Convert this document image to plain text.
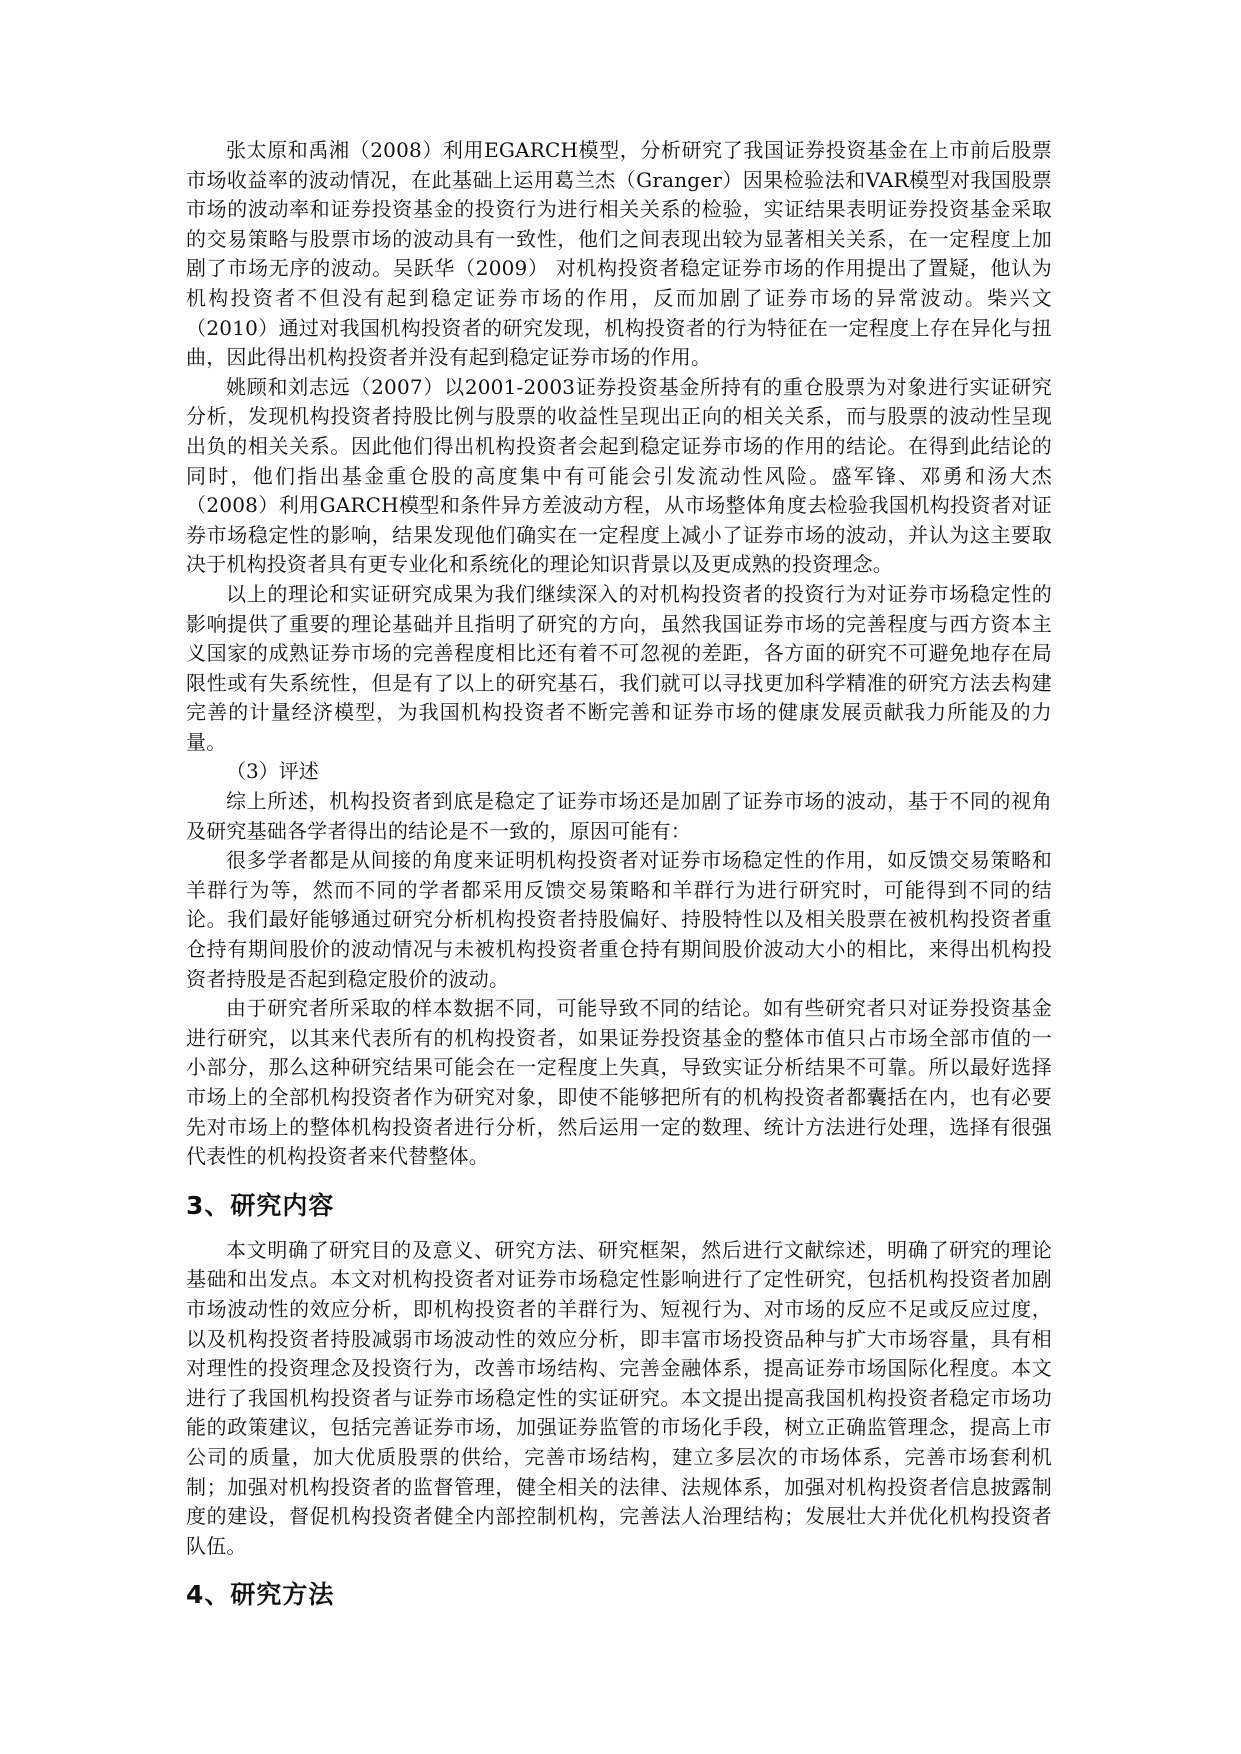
张太原和禹湘（2008）利用EGARCH模型，分析研究了我国证券投资基金在上市前后股票市场收益率的波动情况，在此基础上运用葛兰杰（Granger）因果检验法和VAR模型对我国股票市场的波动率和证券投资基金的投资行为进行相关关系的检验，实证结果表明证券投资基金采取的交易策略与股票市场的波动具有一致性，他们之间表现出较为显著相关关系，在一定程度上加剧了市场无序的波动。吴跃华（2009） 对机构投资者稳定证券市场的作用提出了置疑，他认为机构投资者不但没有起到稳定证券市场的作用，反而加剧了证券市场的异常波动。柴兴文（2010）通过对我国机构投资者的研究发现，机构投资者的行为特征在一定程度上存在异化与扭曲，因此得出机构投资者并没有起到稳定证券市场的作用。

姚顾和刘志远（2007）以2001-2003证券投资基金所持有的重仓股票为对象进行实证研究分析，发现机构投资者持股比例与股票的收益性呈现出正向的相关关系，而与股票的波动性呈现出负的相关关系。因此他们得出机构投资者会起到稳定证券市场的作用的结论。在得到此结论的同时，他们指出基金重仓股的高度集中有可能会引发流动性风险。盛军锋、邓勇和汤大杰（2008）利用GARCH模型和条件异方差波动方程，从市场整体角度去检验我国机构投资者对证券市场稳定性的影响，结果发现他们确实在一定程度上减小了证券市场的波动，并认为这主要取决于机构投资者具有更专业化和系统化的理论知识背景以及更成熟的投资理念。

以上的理论和实证研究成果为我们继续深入的对机构投资者的投资行为对证券市场稳定性的影响提供了重要的理论基础并且指明了研究的方向，虽然我国证券市场的完善程度与西方资本主义国家的成熟证券市场的完善程度相比还有着不可忽视的差距，各方面的研究不可避免地存在局限性或有失系统性，但是有了以上的研究基石，我们就可以寻找更加科学精准的研究方法去构建完善的计量经济模型，为我国机构投资者不断完善和证券市场的健康发展贡献我力所能及的力量。

（3）评述

综上所述，机构投资者到底是稳定了证券市场还是加剧了证券市场的波动，基于不同的视角及研究基础各学者得出的结论是不一致的，原因可能有：

很多学者都是从间接的角度来证明机构投资者对证券市场稳定性的作用，如反馈交易策略和羊群行为等，然而不同的学者都采用反馈交易策略和羊群行为进行研究时，可能得到不同的结论。我们最好能够通过研究分析机构投资者持股偏好、持股特性以及相关股票在被机构投资者重仓持有期间股价的波动情况与未被机构投资者重仓持有期间股价波动大小的相比，来得出机构投资者持股是否起到稳定股价的波动。

由于研究者所采取的样本数据不同，可能导致不同的结论。如有些研究者只对证券投资基金进行研究，以其来代表所有的机构投资者，如果证券投资基金的整体市值只占市场全部市值的一小部分，那么这种研究结果可能会在一定程度上失真，导致实证分析结果不可靠。所以最好选择市场上的全部机构投资者作为研究对象，即使不能够把所有的机构投资者都囊括在内，也有必要先对市场上的整体机构投资者进行分析，然后运用一定的数理、统计方法进行处理，选择有很强代表性的机构投资者来代替整体。

3、研究内容

本文明确了研究目的及意义、研究方法、研究框架，然后进行文献综述，明确了研究的理论基础和出发点。本文对机构投资者对证券市场稳定性影响进行了定性研究，包括机构投资者加剧市场波动性的效应分析，即机构投资者的羊群行为、短视行为、对市场的反应不足或反应过度，以及机构投资者持股减弱市场波动性的效应分析，即丰富市场投资品种与扩大市场容量，具有相对理性的投资理念及投资行为，改善市场结构、完善金融体系，提高证券市场国际化程度。本文进行了我国机构投资者与证券市场稳定性的实证研究。本文提出提高我国机构投资者稳定市场功能的政策建议，包括完善证券市场，加强证券监管的市场化手段，树立正确监管理念，提高上市公司的质量，加大优质股票的供给，完善市场结构，建立多层次的市场体系，完善市场套利机制；加强对机构投资者的监督管理，健全相关的法律、法规体系，加强对机构投资者信息披露制度的建设，督促机构投资者健全内部控制机构，完善法人治理结构；发展壮大并优化机构投资者队伍。

4、研究方法
